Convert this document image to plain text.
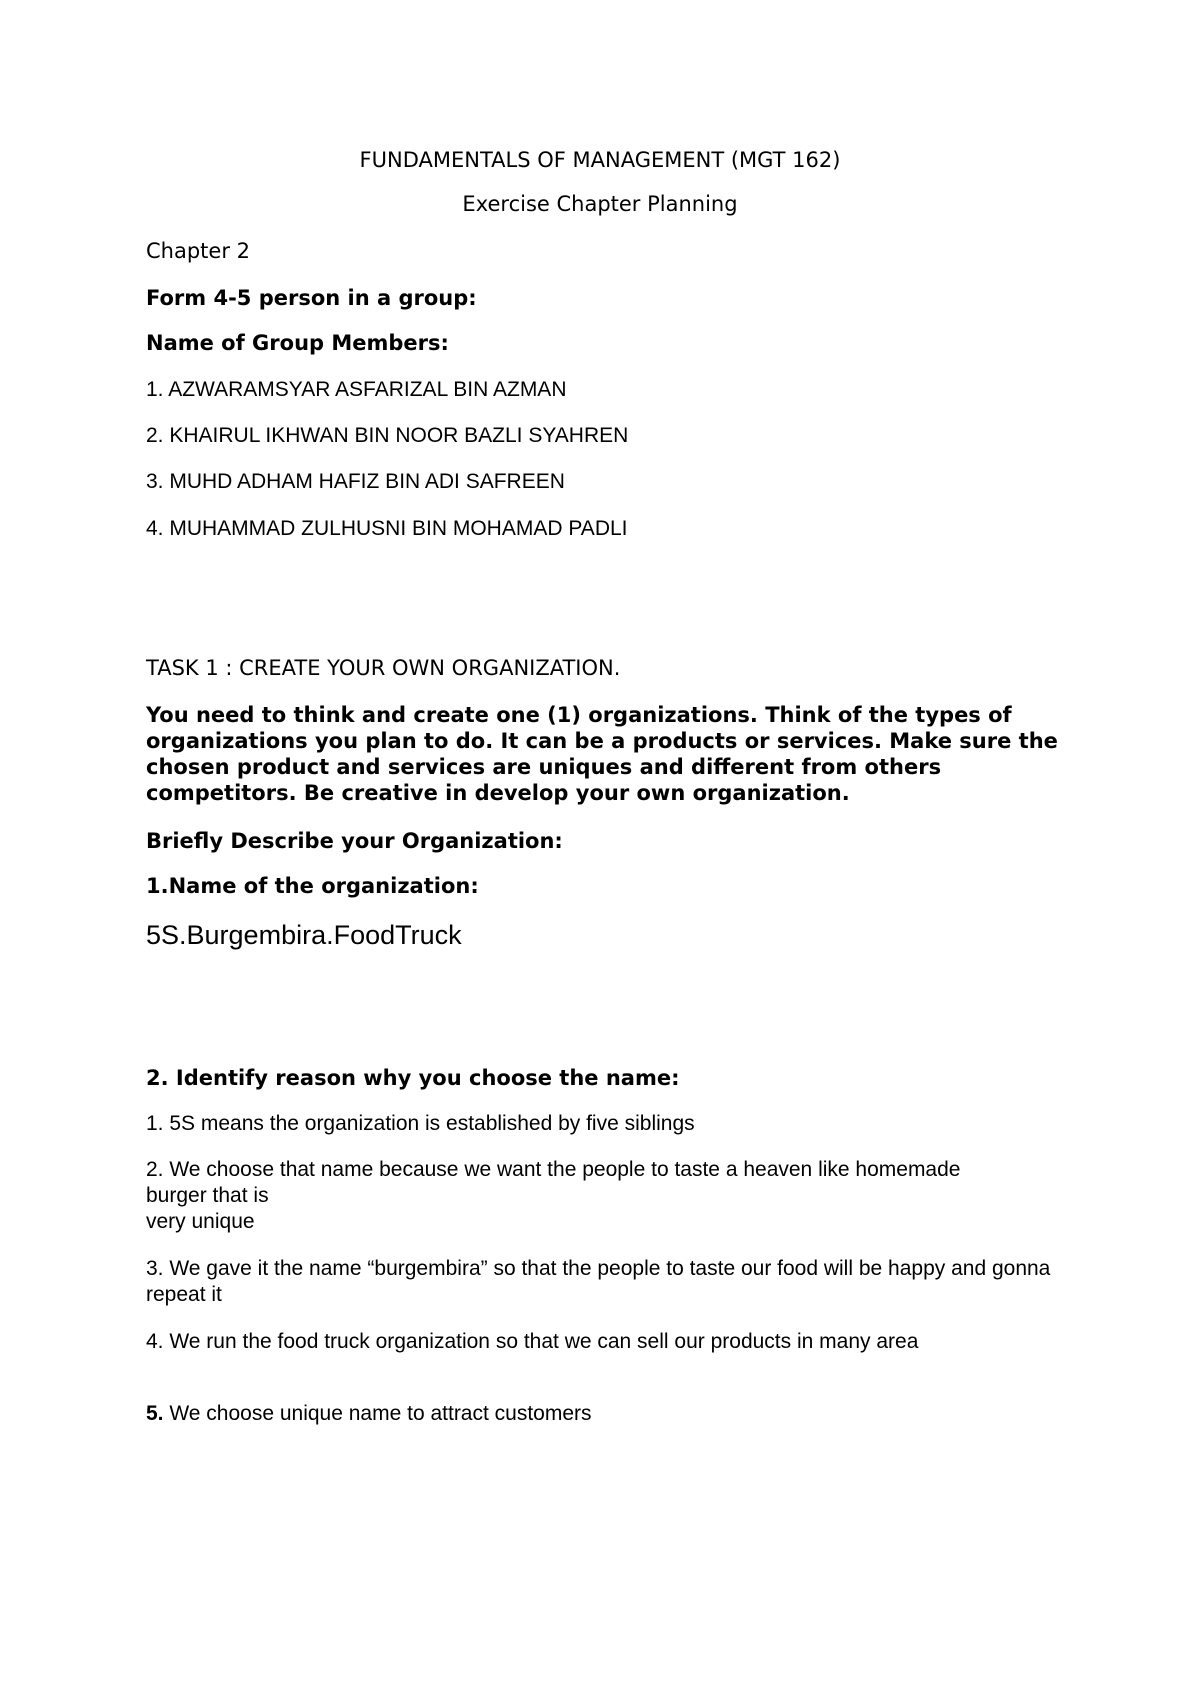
FUNDAMENTALS OF MANAGEMENT (MGT 162)

Exercise Chapter Planning

Chapter 2

Form 4-5 person in a group:

Name of Group Members:

1. AZWARAMSYAR ASFARIZAL BIN AZMAN

2. KHAIRUL IKHWAN BIN NOOR BAZLI SYAHREN

3. MUHD ADHAM HAFIZ BIN ADI SAFREEN

4. MUHAMMAD ZULHUSNI BIN MOHAMAD PADLI

TASK 1 : CREATE YOUR OWN ORGANIZATION.

You need to think and create one (1) organizations. Think of the types of organizations you plan to do. It can be a products or services. Make sure the chosen product and services are uniques and different from others competitors. Be creative in develop your own organization.

Briefly Describe your Organization:

1.Name of the organization:

5S.Burgembira.FoodTruck

2. Identify reason why you choose the name:

1. 5S means the organization is established by five siblings

2. We choose that name because we want the people to taste a heaven like homemade burger that is
very unique

3. We gave it the name “burgembira” so that the people to taste our food will be happy and gonna repeat it

4. We run the food truck organization so that we can sell our products in many area

5. We choose unique name to attract customers
